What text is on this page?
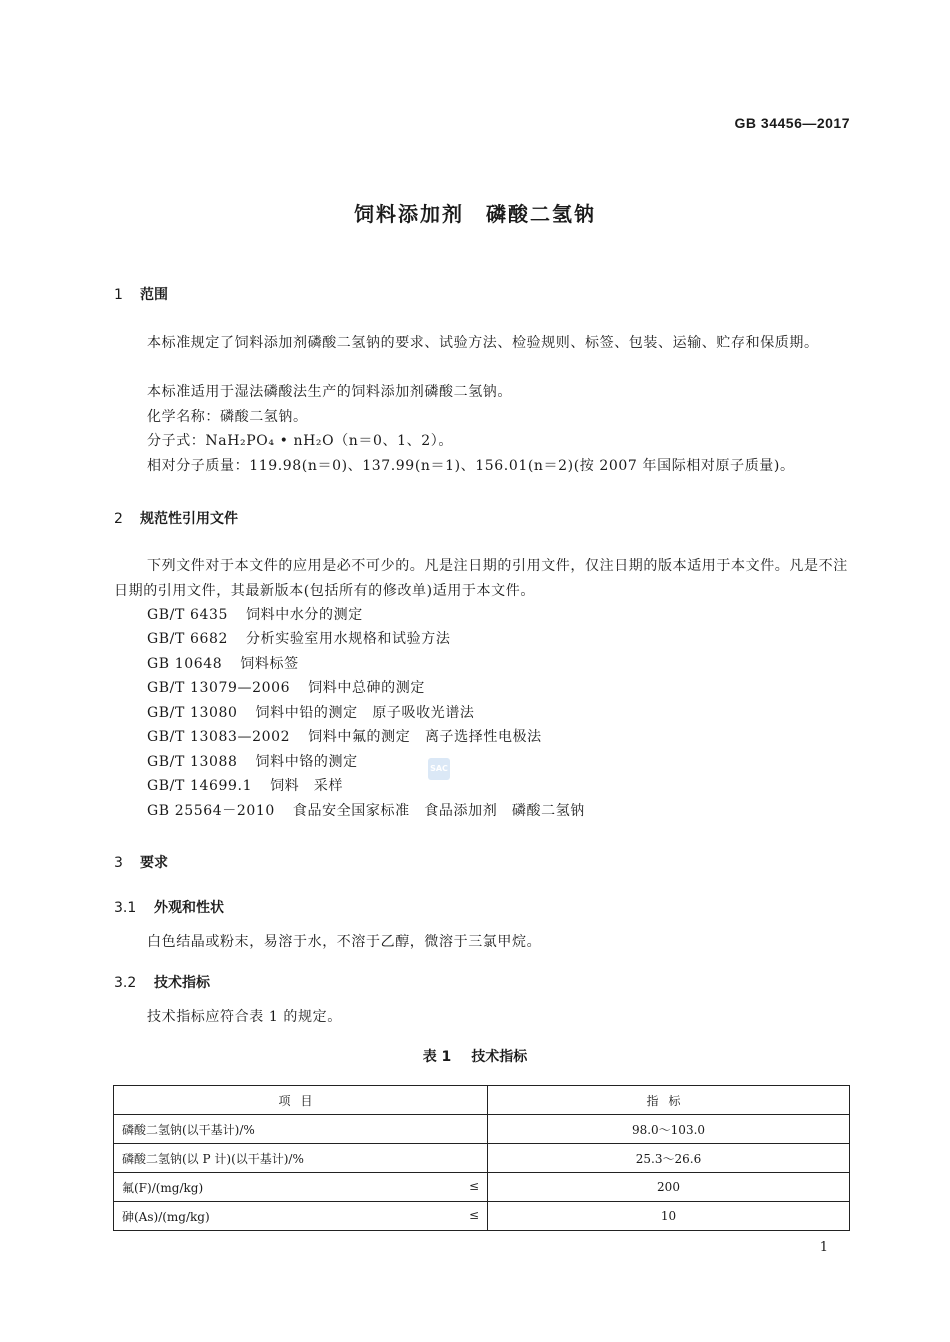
GB 34456—2017
饲料添加剂　磷酸二氢钠
1 范围
本标准规定了饲料添加剂磷酸二氢钠的要求、试验方法、检验规则、标签、包装、运输、贮存和保质期。
本标准适用于湿法磷酸法生产的饲料添加剂磷酸二氢钠。
化学名称：磷酸二氢钠。
分子式：NaH₂PO₄ • nH₂O（n＝0、1、2）。
相对分子质量：119.98(n＝0)、137.99(n＝1)、156.01(n＝2)(按 2007 年国际相对原子质量)。
2 规范性引用文件
下列文件对于本文件的应用是必不可少的。凡是注日期的引用文件，仅注日期的版本适用于本文件。凡是不注日期的引用文件，其最新版本(包括所有的修改单)适用于本文件。
GB/T 6435 饲料中水分的测定
GB/T 6682 分析实验室用水规格和试验方法
GB 10648 饲料标签
GB/T 13079—2006 饲料中总砷的测定
GB/T 13080 饲料中铅的测定　原子吸收光谱法
GB/T 13083—2002 饲料中氟的测定　离子选择性电极法
GB/T 13088 饲料中铬的测定
GB/T 14699.1 饲料　采样
GB 25564－2010 食品安全国家标准　食品添加剂　磷酸二氢钠
SAC
3 要求
3.1 外观和性状
白色结晶或粉末，易溶于水，不溶于乙醇，微溶于三氯甲烷。
3.2 技术指标
技术指标应符合表 1 的规定。
表 1 技术指标
项目	指标
磷酸二氢钠(以干基计)/%	98.0～103.0
磷酸二氢钠(以 P 计)(以干基计)/%	25.3～26.6
氟(F)/(mg/kg) ≤	200
砷(As)/(mg/kg) ≤	10
1
